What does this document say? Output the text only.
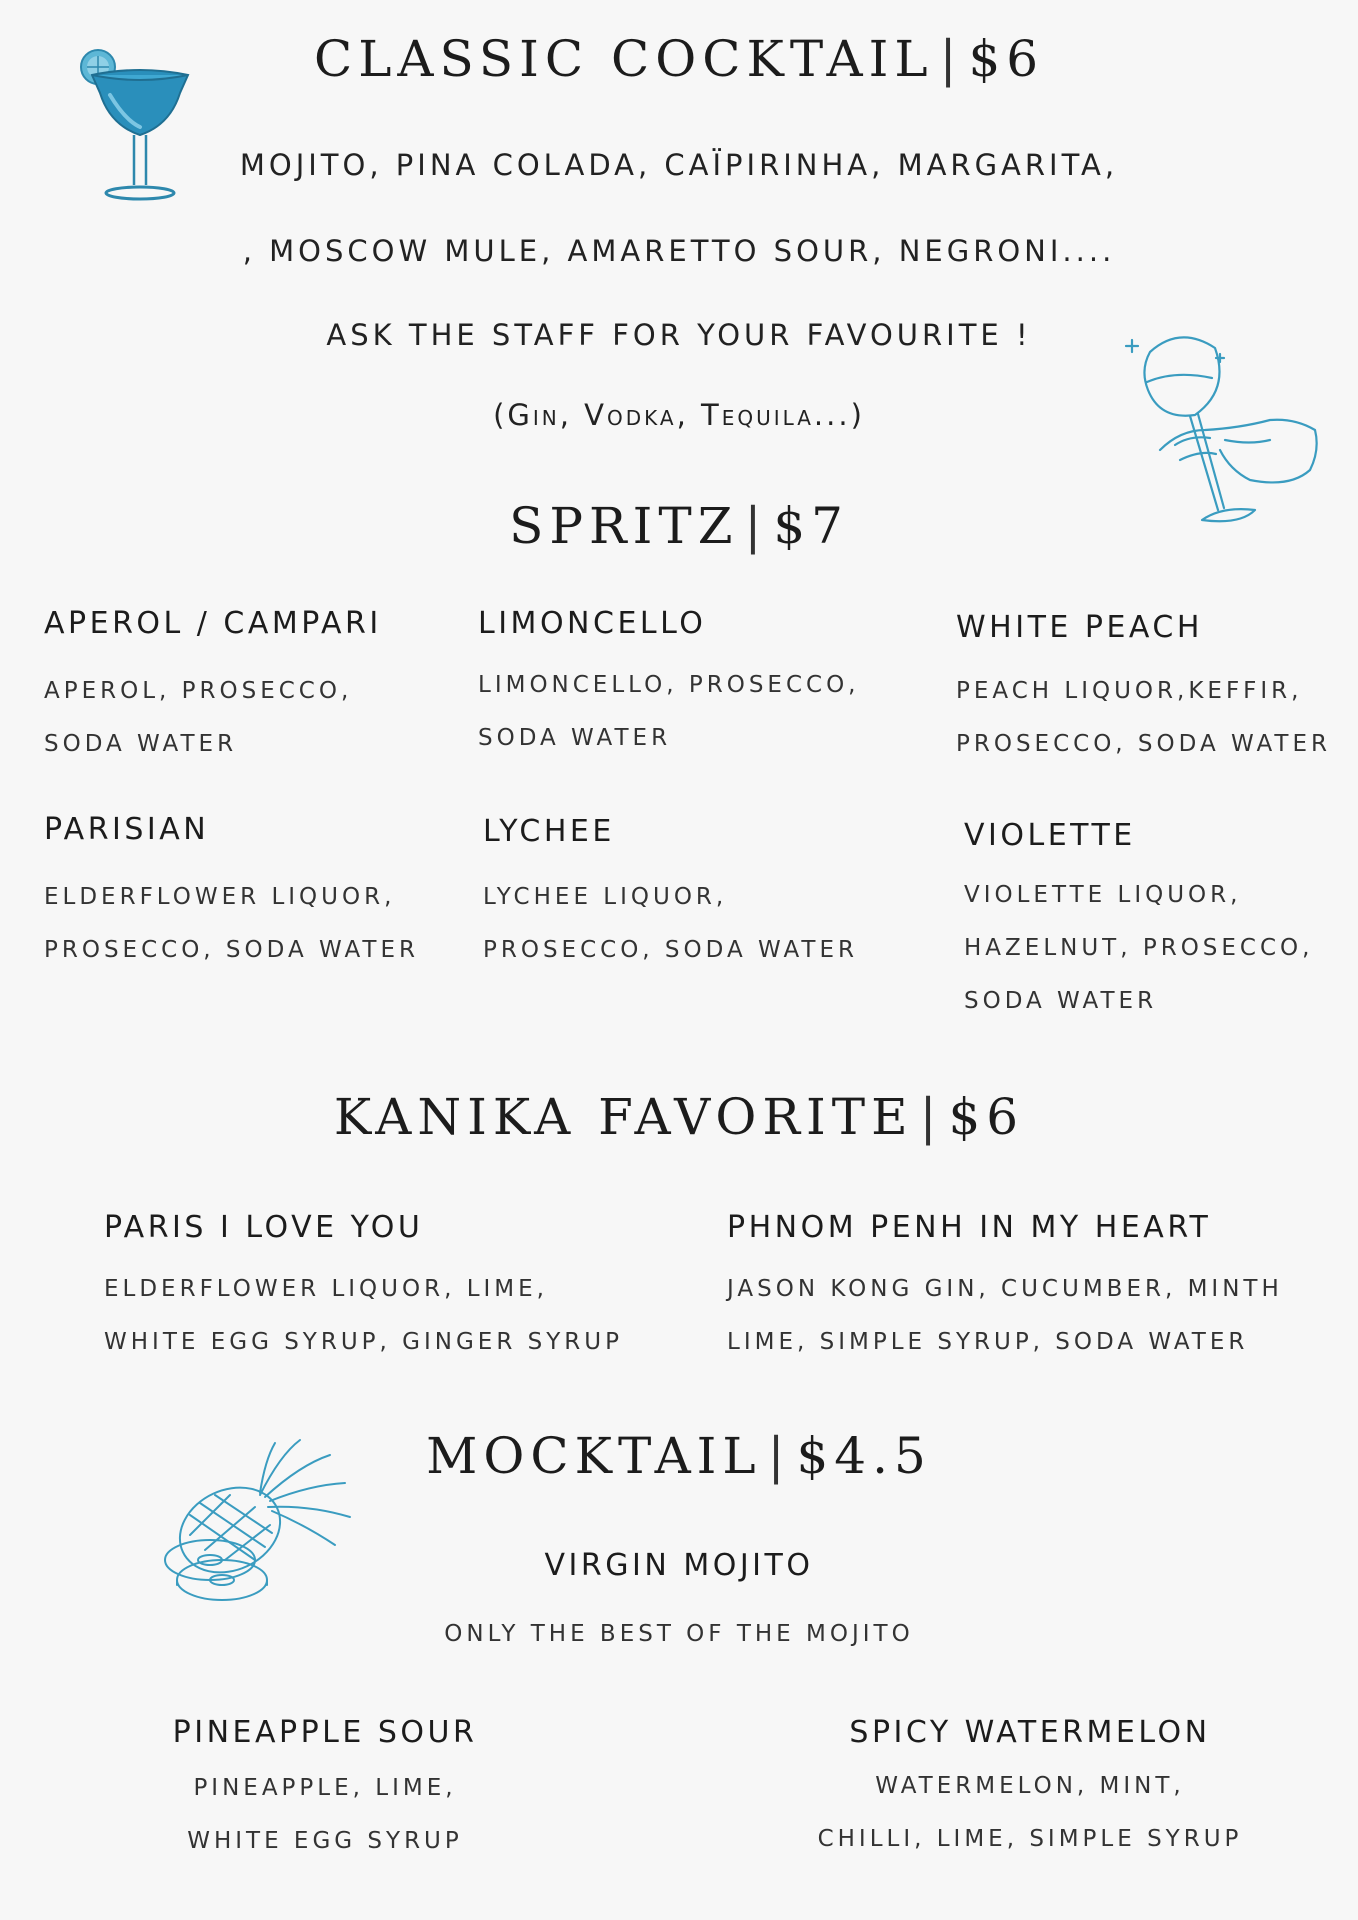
CLASSIC COCKTAIL | $6
MOJITO, PINA COLADA, CAÏPIRINHA, MARGARITA,
, MOSCOW MULE, AMARETTO SOUR, NEGRONI....
ASK THE STAFF FOR YOUR FAVOURITE !
(Gin, Vodka, Tequila...)
SPRITZ | $7
APEROL / CAMPARI
APEROL, PROSECCO,
SODA WATER
LIMONCELLO
LIMONCELLO, PROSECCO,
SODA WATER
WHITE PEACH
PEACH LIQUOR,KEFFIR,
PROSECCO, SODA WATER
PARISIAN
ELDERFLOWER LIQUOR,
PROSECCO, SODA WATER
LYCHEE
LYCHEE LIQUOR,
PROSECCO, SODA WATER
VIOLETTE
VIOLETTE LIQUOR,
HAZELNUT, PROSECCO,
SODA WATER
KANIKA FAVORITE | $6
PARIS I LOVE YOU
ELDERFLOWER LIQUOR, LIME,
WHITE EGG SYRUP, GINGER SYRUP
PHNOM PENH IN MY HEART
JASON KONG GIN, CUCUMBER, MINTH
LIME, SIMPLE SYRUP, SODA WATER
MOCKTAIL | $4.5
VIRGIN MOJITO
ONLY THE BEST OF THE MOJITO
PINEAPPLE SOUR
PINEAPPLE, LIME,
WHITE EGG SYRUP
SPICY WATERMELON
WATERMELON, MINT,
CHILLI, LIME, SIMPLE SYRUP
